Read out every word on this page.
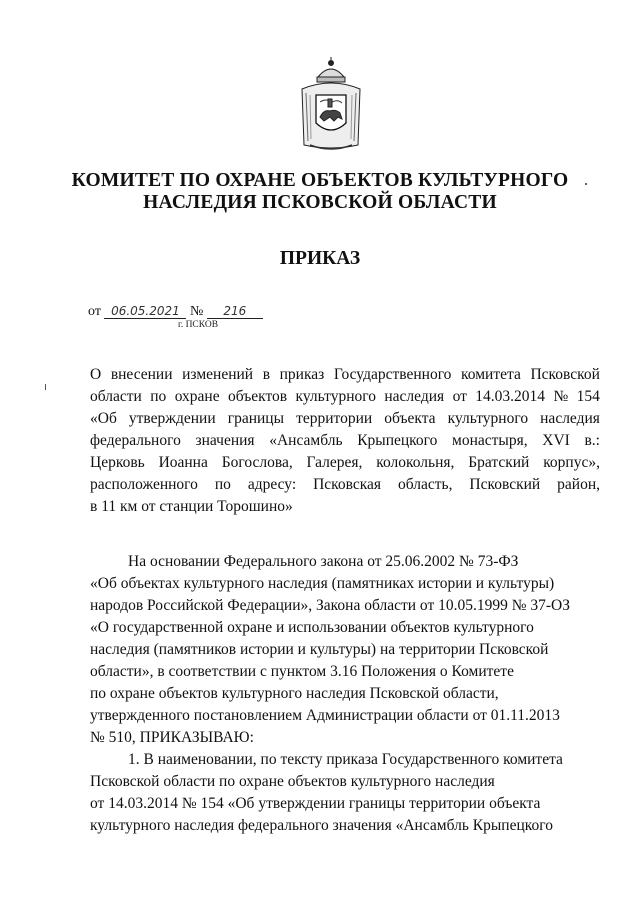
КОМИТЕТ ПО ОХРАНЕ ОБЪЕКТОВ КУЛЬТУРНОГО
НАСЛЕДИЯ ПСКОВСКОЙ ОБЛАСТИ
ПРИКАЗ
от 06.05.2021 № 216
г. ПСКОВ
О внесении изменений в приказ Государственного комитета Псковской
области по охране объектов культурного наследия от 14.03.2014 № 154
«Об утверждении границы территории объекта культурного наследия
федерального значения «Ансамбль Крыпецкого монастыря, XVI в.:
Церковь Иоанна Богослова, Галерея, колокольня, Братский корпус»,
расположенного по адресу: Псковская область, Псковский район,
в 11 км от станции Торошино»
На основании Федерального закона от 25.06.2002 № 73-ФЗ
«Об объектах культурного наследия (памятниках истории и культуры)
народов Российской Федерации», Закона области от 10.05.1999 № 37-ОЗ
«О государственной охране и использовании объектов культурного
наследия (памятников истории и культуры) на территории Псковской
области», в соответствии с пунктом 3.16 Положения о Комитете
по охране объектов культурного наследия Псковской области,
утвержденного постановлением Администрации области от 01.11.2013
№ 510, ПРИКАЗЫВАЮ:
1. В наименовании, по тексту приказа Государственного комитета
Псковской области по охране объектов культурного наследия
от 14.03.2014 № 154 «Об утверждении границы территории объекта
культурного наследия федерального значения «Ансамбль Крыпецкого
